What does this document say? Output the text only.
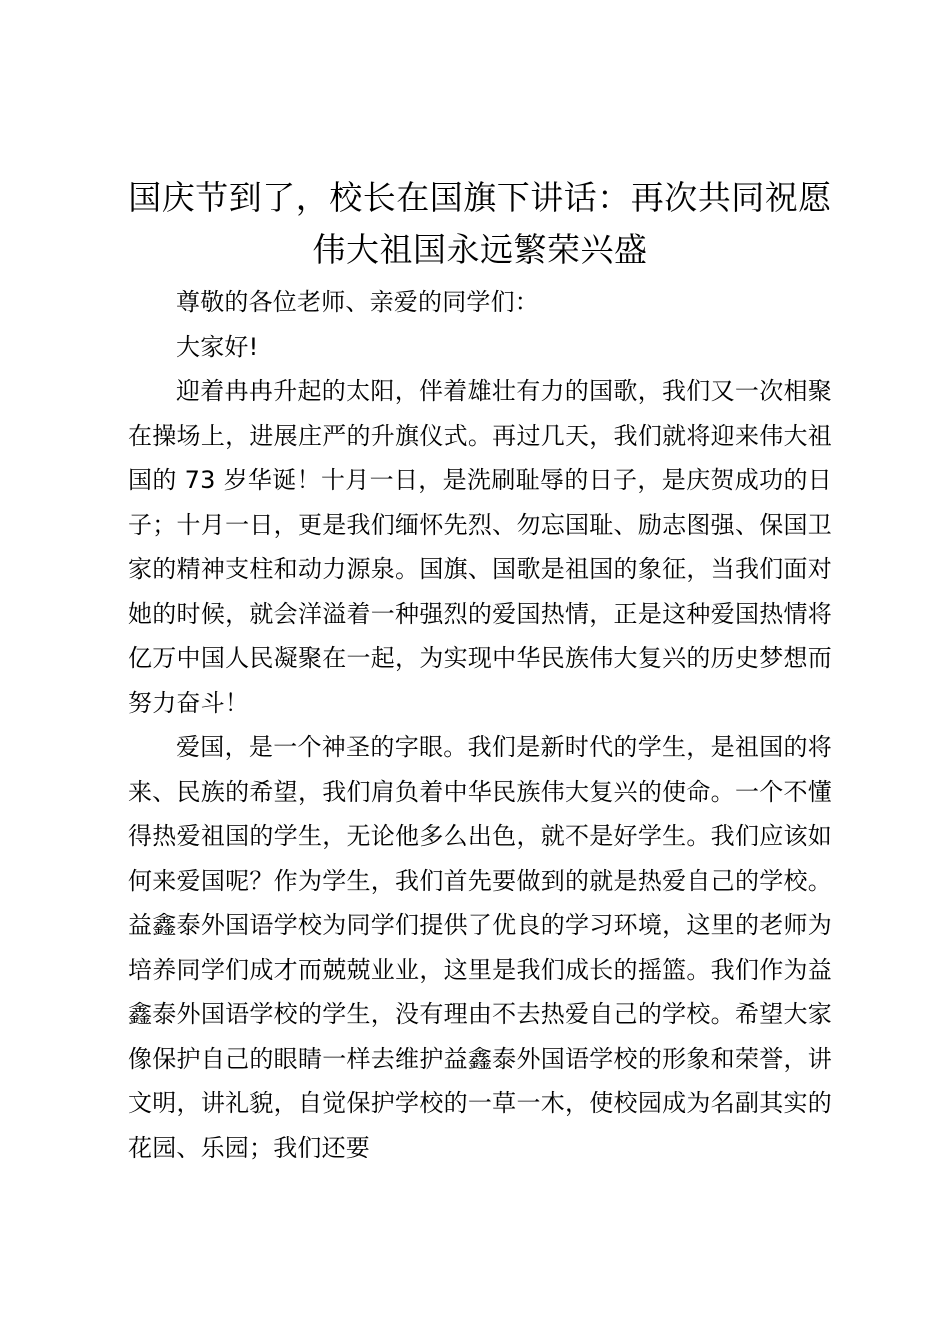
国庆节到了，校长在国旗下讲话：再次共同祝愿伟大祖国永远繁荣兴盛

尊敬的各位老师、亲爱的同学们：

大家好!

迎着冉冉升起的太阳，伴着雄壮有力的国歌，我们又一次相聚在操场上，进展庄严的升旗仪式。再过几天，我们就将迎来伟大祖国的 73 岁华诞！十月一日，是洗刷耻辱的日子，是庆贺成功的日子；十月一日，更是我们缅怀先烈、勿忘国耻、励志图强、保国卫家的精神支柱和动力源泉。国旗、国歌是祖国的象征，当我们面对她的时候，就会洋溢着一种强烈的爱国热情，正是这种爱国热情将亿万中国人民凝聚在一起，为实现中华民族伟大复兴的历史梦想而努力奋斗！

爱国，是一个神圣的字眼。我们是新时代的学生，是祖国的将来、民族的希望，我们肩负着中华民族伟大复兴的使命。一个不懂得热爱祖国的学生，无论他多么出色，就不是好学生。我们应该如何来爱国呢？作为学生，我们首先要做到的就是热爱自己的学校。益鑫泰外国语学校为同学们提供了优良的学习环境，这里的老师为培养同学们成才而兢兢业业，这里是我们成长的摇篮。我们作为益鑫泰外国语学校的学生，没有理由不去热爱自己的学校。希望大家像保护自己的眼睛一样去维护益鑫泰外国语学校的形象和荣誉，讲文明，讲礼貌，自觉保护学校的一草一木，使校园成为名副其实的花园、乐园；我们还要
